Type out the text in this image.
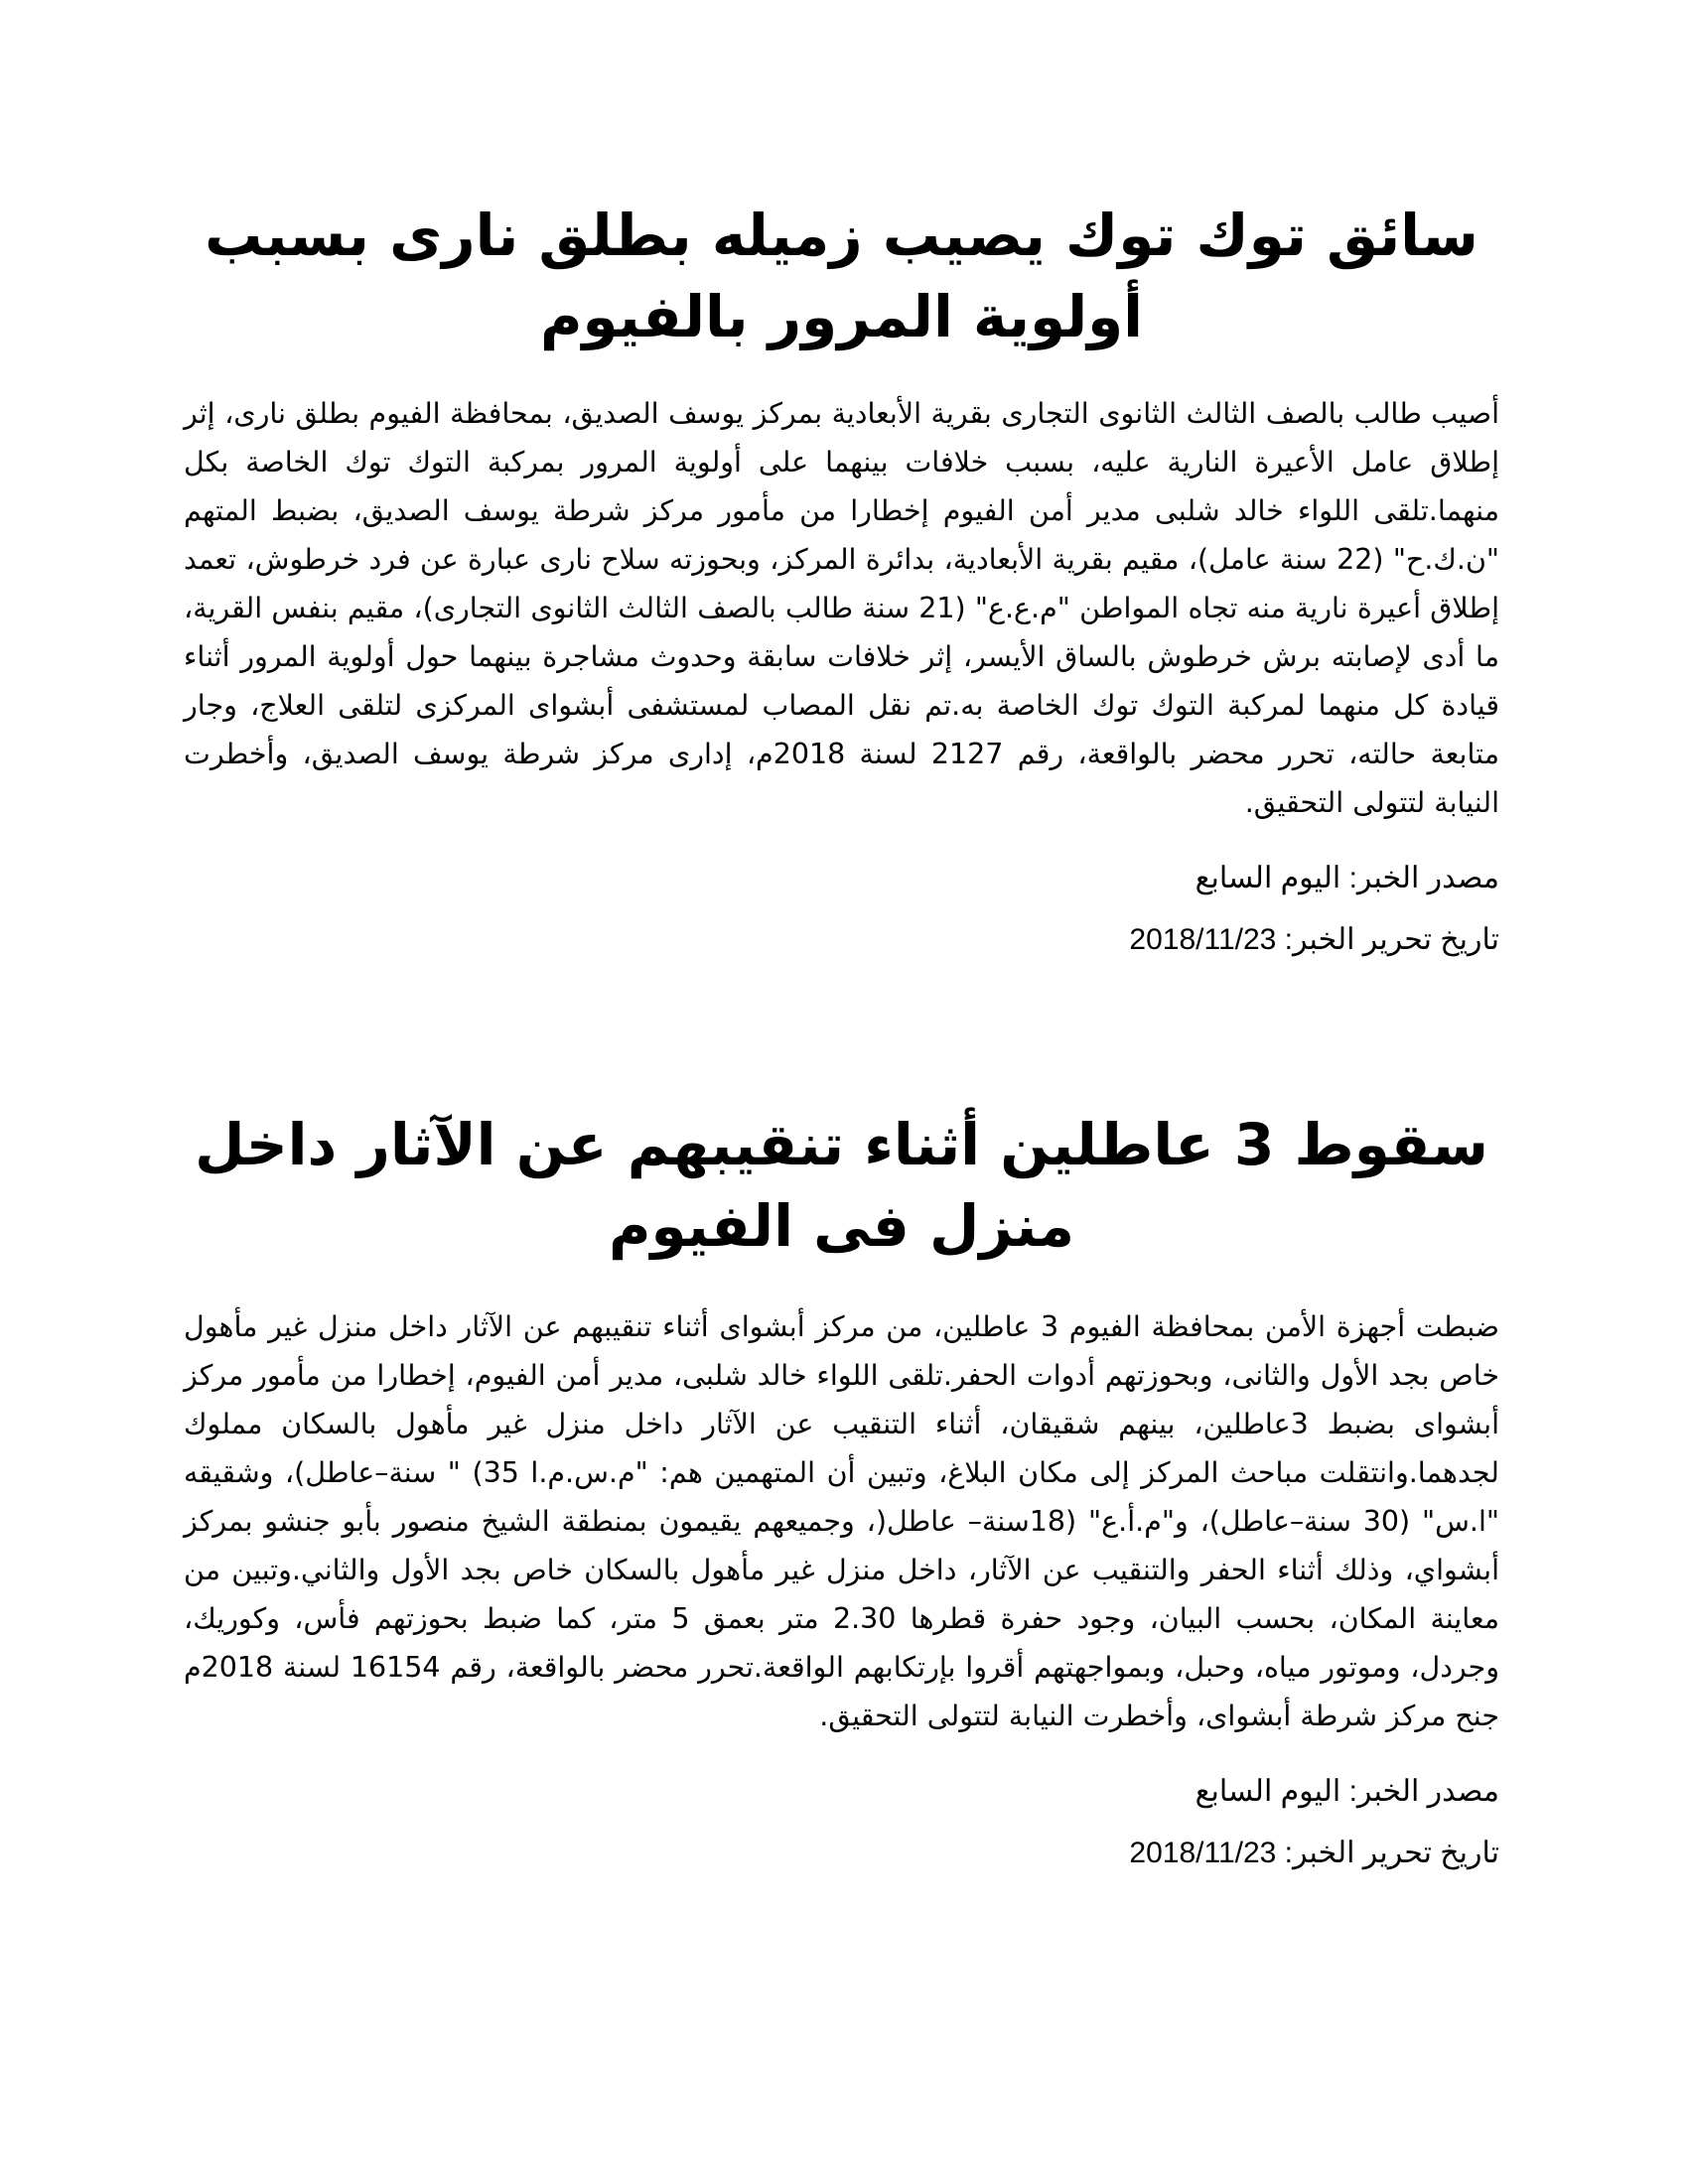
سائق توك توك يصيب زميله بطلق نارى بسبب أولوية المرور بالفيوم

أصيب طالب بالصف الثالث الثانوى التجارى بقرية الأبعادية بمركز يوسف الصديق، بمحافظة الفيوم بطلق نارى، إثر إطلاق عامل الأعيرة النارية عليه، بسبب خلافات بينهما على أولوية المرور بمركبة التوك توك الخاصة بكل منهما.تلقى اللواء خالد شلبى مدير أمن الفيوم إخطارا من مأمور مركز شرطة يوسف الصديق، بضبط المتهم "ن.ك.ح" (22 سنة عامل)، مقيم بقرية الأبعادية، بدائرة المركز، وبحوزته سلاح نارى عبارة عن فرد خرطوش، تعمد إطلاق أعيرة نارية منه تجاه المواطن "م.ع.ع" (21 سنة طالب بالصف الثالث الثانوى التجارى)، مقيم بنفس القرية، ما أدى لإصابته برش خرطوش بالساق الأيسر، إثر خلافات سابقة وحدوث مشاجرة بينهما حول أولوية المرور أثناء قيادة كل منهما لمركبة التوك توك الخاصة به.تم نقل المصاب لمستشفى أبشواى المركزى لتلقى العلاج، وجار متابعة حالته، تحرر محضر بالواقعة، رقم 2127 لسنة 2018م، إدارى مركز شرطة يوسف الصديق، وأخطرت النيابة لتتولى التحقيق.

مصدر الخبر: اليوم السابع
تاريخ تحرير الخبر: 2018/11/23
سقوط 3 عاطلين أثناء تنقيبهم عن الآثار داخل منزل فى الفيوم

ضبطت أجهزة الأمن بمحافظة الفيوم 3 عاطلين، من مركز أبشواى أثناء تنقيبهم عن الآثار داخل منزل غير مأهول خاص بجد الأول والثانى، وبحوزتهم أدوات الحفر.تلقى اللواء خالد شلبى، مدير أمن الفيوم، إخطارا من مأمور مركز أبشواى بضبط 3عاطلين، بينهم شقيقان، أثناء التنقيب عن الآثار داخل منزل غير مأهول بالسكان مملوك لجدهما.وانتقلت مباحث المركز إلى مكان البلاغ، وتبين أن المتهمين هم: "م.س.م.ا 35) " سنة–عاطل)، وشقيقه "ا.س" (30 سنة–عاطل)، و"م.أ.ع" (18سنة– عاطل(، وجميعهم يقيمون بمنطقة الشيخ منصور بأبو جنشو بمركز أبشواي، وذلك أثناء الحفر والتنقيب عن الآثار، داخل منزل غير مأهول بالسكان خاص بجد الأول والثاني.وتبين من معاينة المكان، بحسب البيان، وجود حفرة قطرها 2.30 متر بعمق 5 متر، كما ضبط بحوزتهم فأس، وكوريك، وجردل، وموتور مياه، وحبل، وبمواجهتهم أقروا بإرتكابهم الواقعة.تحرر محضر بالواقعة، رقم 16154 لسنة 2018م جنح مركز شرطة أبشواى، وأخطرت النيابة لتتولى التحقيق.

مصدر الخبر: اليوم السابع
تاريخ تحرير الخبر: 2018/11/23
